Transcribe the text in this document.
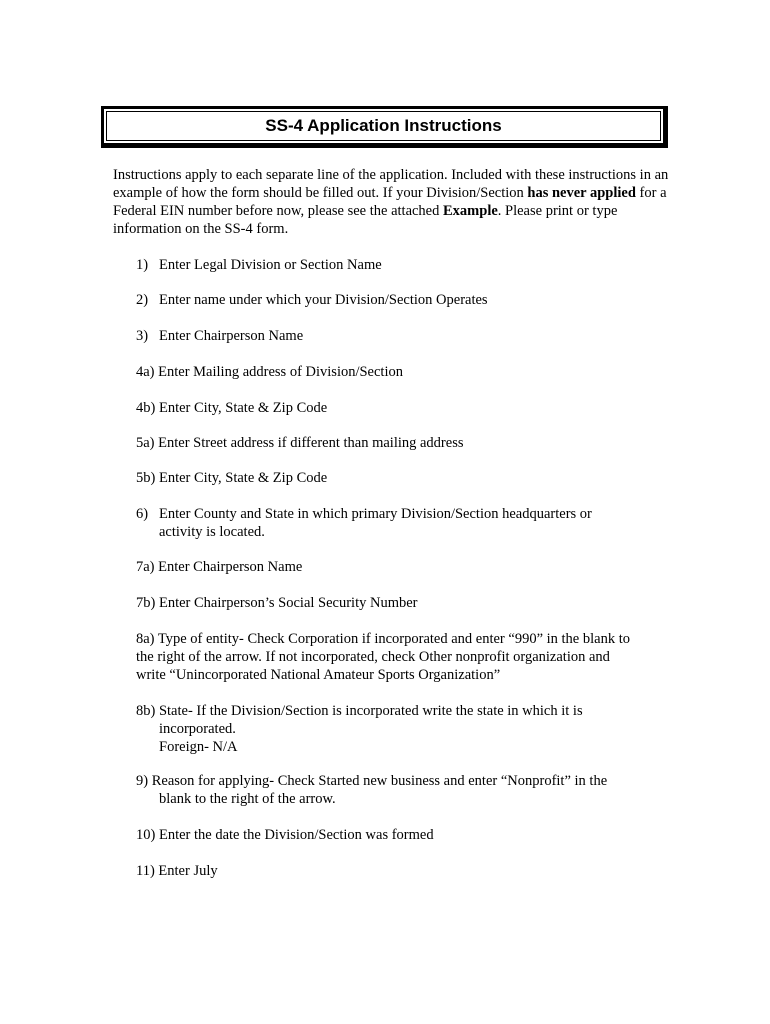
SS-4 Application Instructions
Instructions apply to each separate line of the application. Included with these instructions in an example of how the form should be filled out. If your Division/Section has never applied for a Federal EIN number before now, please see the attached Example. Please print or type information on the SS-4 form.
1) Enter Legal Division or Section Name
2) Enter name under which your Division/Section Operates
3) Enter Chairperson Name
4a) Enter Mailing address of Division/Section
4b) Enter City, State & Zip Code
5a) Enter Street address if different than mailing address
5b) Enter City, State & Zip Code
6) Enter County and State in which primary Division/Section headquarters or
activity is located.
7a) Enter Chairperson Name
7b) Enter Chairperson’s Social Security Number
8a) Type of entity- Check Corporation if incorporated and enter “990” in the blank to
the right of the arrow. If not incorporated, check Other nonprofit organization and
write “Unincorporated National Amateur Sports Organization”
8b) State- If the Division/Section is incorporated write the state in which it is
incorporated.
Foreign- N/A
9) Reason for applying- Check Started new business and enter “Nonprofit” in the
blank to the right of the arrow.
10) Enter the date the Division/Section was formed
11) Enter July
